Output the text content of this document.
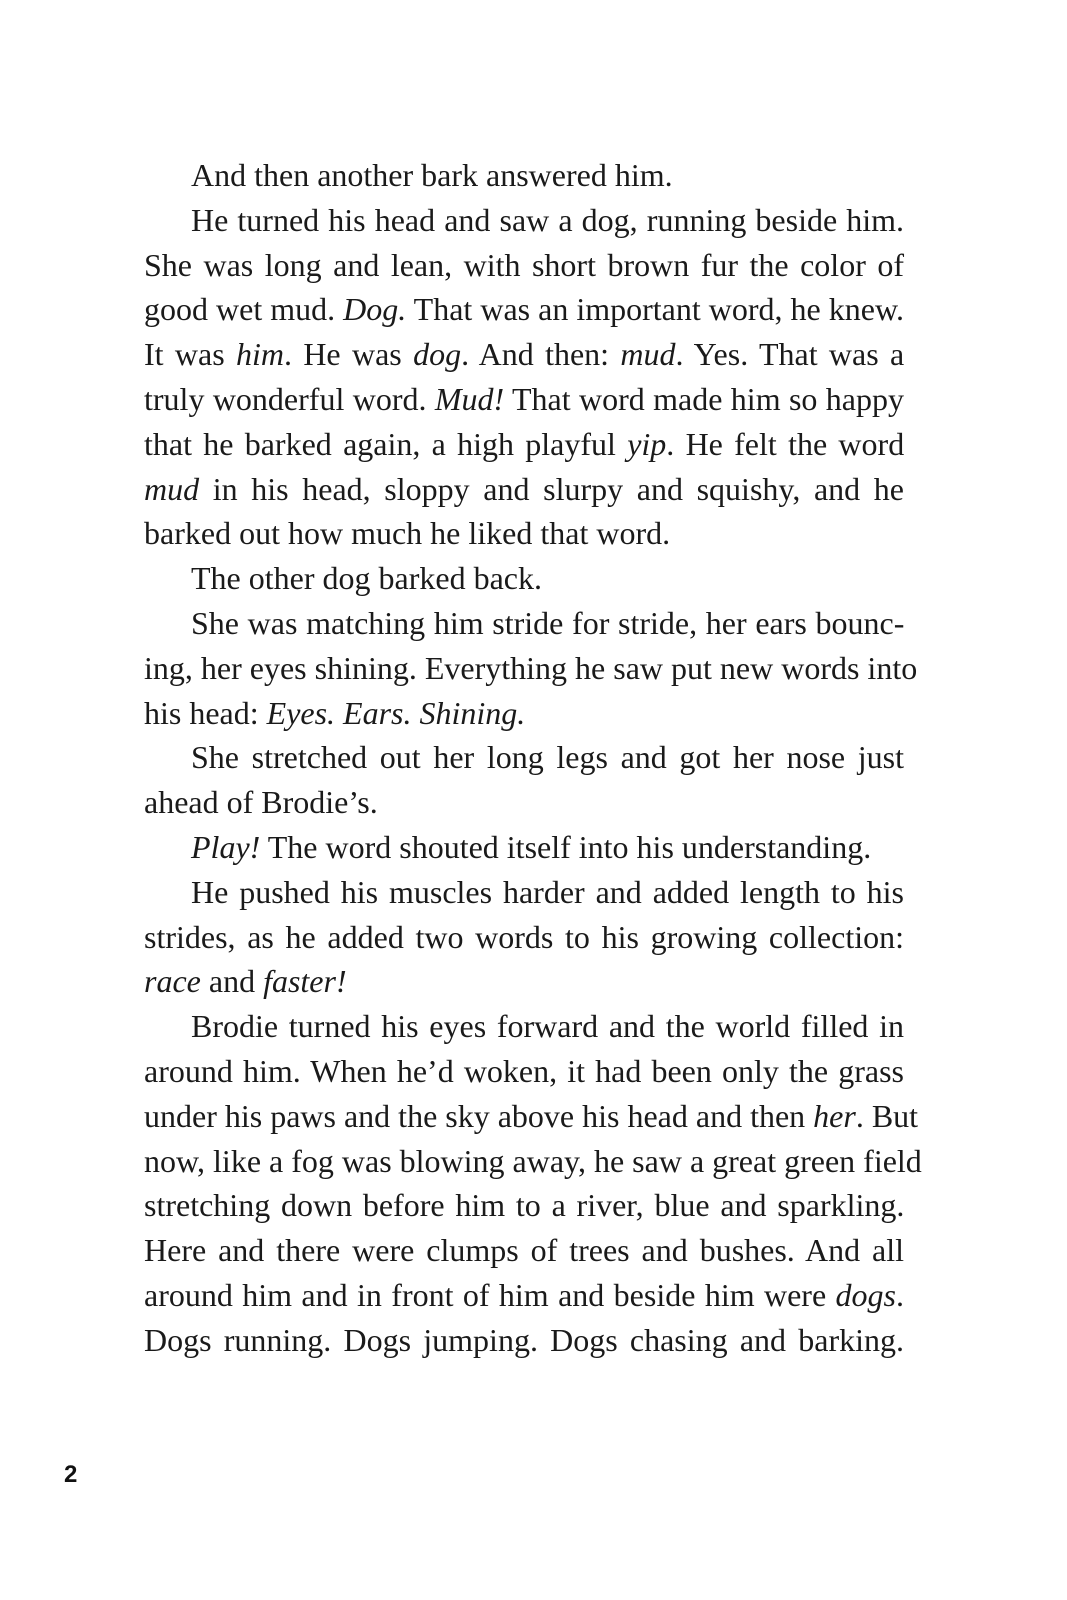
And then another bark answered him.
He turned his head and saw a dog, running beside him.
She was long and lean, with short brown fur the color of
good wet mud. Dog. That was an important word, he knew.
It was him. He was dog. And then: mud. Yes. That was a
truly wonderful word. Mud! That word made him so happy
that he barked again, a high playful yip. He felt the word
mud in his head, sloppy and slurpy and squishy, and he
barked out how much he liked that word.
The other dog barked back.
She was matching him stride for stride, her ears bounc-
ing, her eyes shining. Everything he saw put new words into
his head: Eyes. Ears. Shining.
She stretched out her long legs and got her nose just
ahead of Brodie’s.
Play! The word shouted itself into his understanding.
He pushed his muscles harder and added length to his
strides, as he added two words to his growing collection:
race and faster!
Brodie turned his eyes forward and the world filled in
around him. When he’d woken, it had been only the grass
under his paws and the sky above his head and then her. But
now, like a fog was blowing away, he saw a great green field
stretching down before him to a river, blue and sparkling.
Here and there were clumps of trees and bushes. And all
around him and in front of him and beside him were dogs.
Dogs running. Dogs jumping. Dogs chasing and barking.
2
